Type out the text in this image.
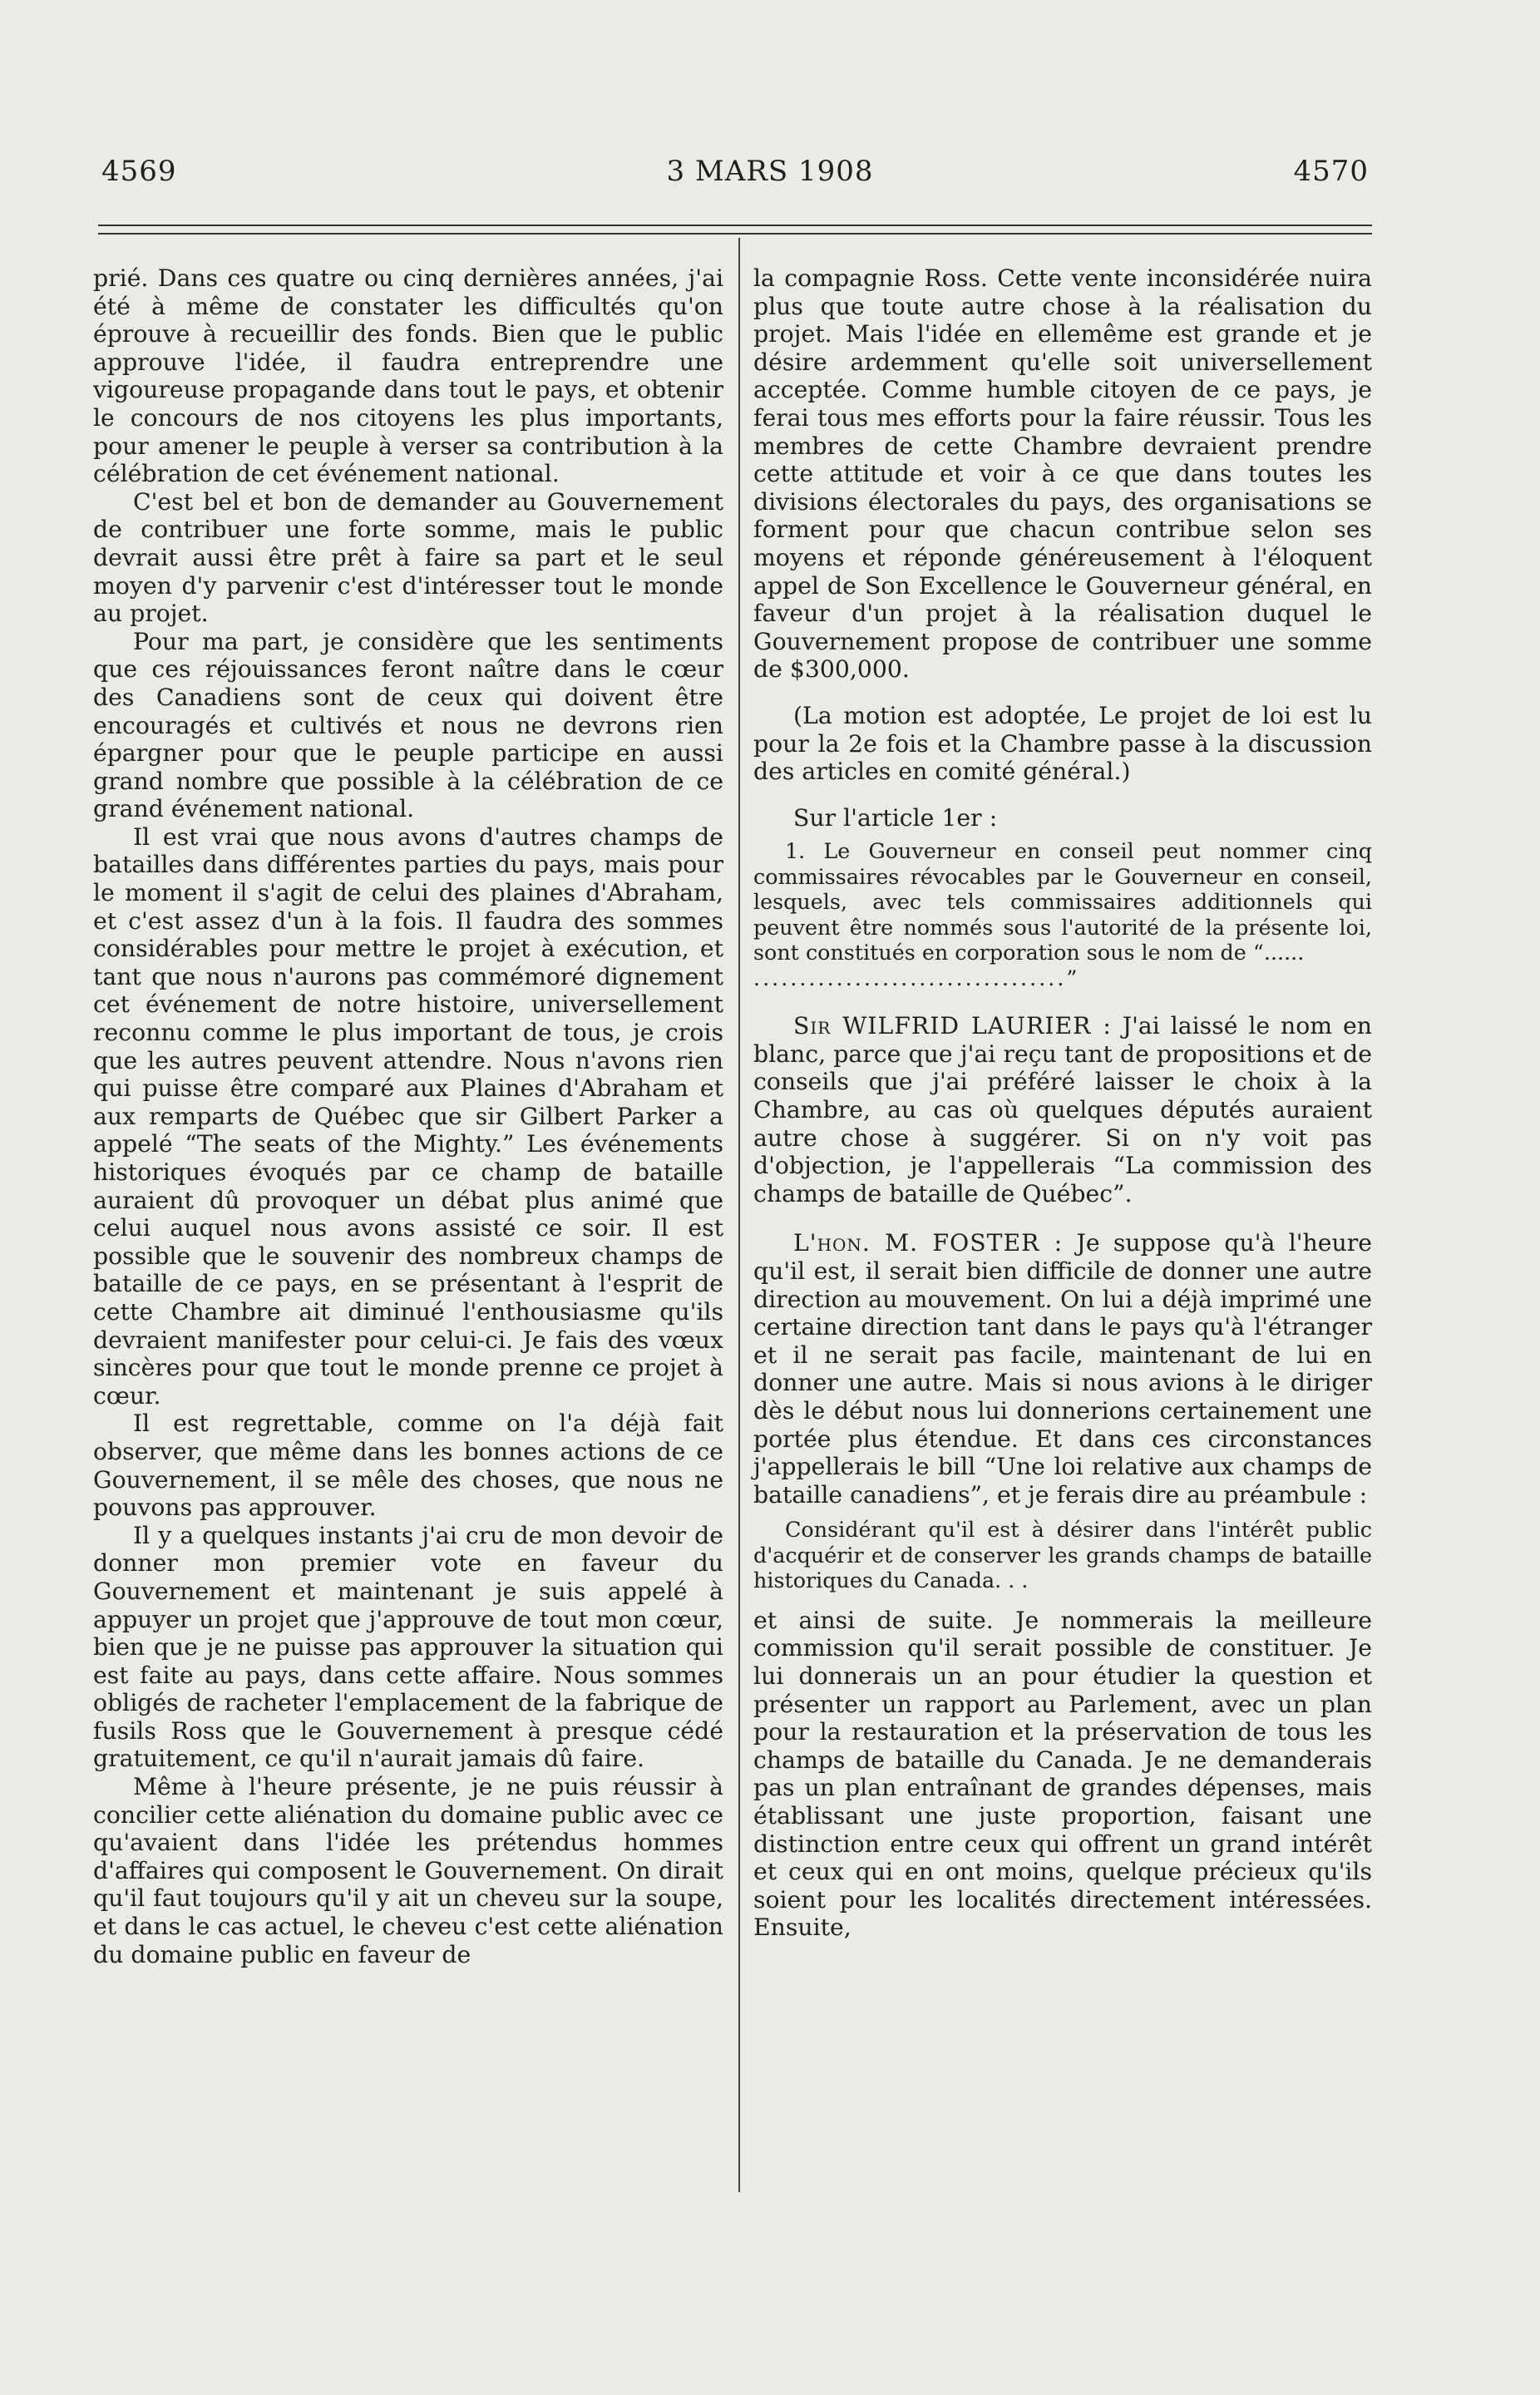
4569	3 MARS 1908	4570

prié. Dans ces quatre ou cinq dernières années, j'ai été à même de constater les difficultés qu'on éprouve à recueillir des fonds. Bien que le public approuve l'idée, il faudra entreprendre une vigoureuse propagande dans tout le pays, et obtenir le concours de nos citoyens les plus importants, pour amener le peuple à verser sa contribution à la célébration de cet événement national.

C'est bel et bon de demander au Gouvernement de contribuer une forte somme, mais le public devrait aussi être prêt à faire sa part et le seul moyen d'y parvenir c'est d'intéresser tout le monde au projet.

Pour ma part, je considère que les sentiments que ces réjouissances feront naître dans le cœur des Canadiens sont de ceux qui doivent être encouragés et cultivés et nous ne devrons rien épargner pour que le peuple participe en aussi grand nombre que possible à la célébration de ce grand événement national.

Il est vrai que nous avons d'autres champs de batailles dans différentes parties du pays, mais pour le moment il s'agit de celui des plaines d'Abraham, et c'est assez d'un à la fois. Il faudra des sommes considérables pour mettre le projet à exécution, et tant que nous n'aurons pas commémoré dignement cet événement de notre histoire, universellement reconnu comme le plus important de tous, je crois que les autres peuvent attendre. Nous n'avons rien qui puisse être comparé aux Plaines d'Abraham et aux remparts de Québec que sir Gilbert Parker a appelé “The seats of the Mighty.” Les événements historiques évoqués par ce champ de bataille auraient dû provoquer un débat plus animé que celui auquel nous avons assisté ce soir. Il est possible que le souvenir des nombreux champs de bataille de ce pays, en se présentant à l'esprit de cette Chambre ait diminué l'enthousiasme qu'ils devraient manifester pour celui-ci. Je fais des vœux sincères pour que tout le monde prenne ce projet à cœur.

Il est regrettable, comme on l'a déjà fait observer, que même dans les bonnes actions de ce Gouvernement, il se mêle des choses, que nous ne pouvons pas approuver.

Il y a quelques instants j'ai cru de mon devoir de donner mon premier vote en faveur du Gouvernement et maintenant je suis appelé à appuyer un projet que j'approuve de tout mon cœur, bien que je ne puisse pas approuver la situation qui est faite au pays, dans cette affaire. Nous sommes obligés de racheter l'emplacement de la fabrique de fusils Ross que le Gouvernement à presque cédé gratuitement, ce qu'il n'aurait jamais dû faire.

Même à l'heure présente, je ne puis réussir à concilier cette aliénation du domaine public avec ce qu'avaient dans l'idée les prétendus hommes d'affaires qui composent le Gouvernement. On dirait qu'il faut toujours qu'il y ait un cheveu sur la soupe, et dans le cas actuel, le cheveu c'est cette aliénation du domaine public en faveur de

la compagnie Ross. Cette vente inconsidérée nuira plus que toute autre chose à la réalisation du projet. Mais l'idée en ellemême est grande et je désire ardemment qu'elle soit universellement acceptée. Comme humble citoyen de ce pays, je ferai tous mes efforts pour la faire réussir. Tous les membres de cette Chambre devraient prendre cette attitude et voir à ce que dans toutes les divisions électorales du pays, des organisations se forment pour que chacun contribue selon ses moyens et réponde généreusement à l'éloquent appel de Son Excellence le Gouverneur général, en faveur d'un projet à la réalisation duquel le Gouvernement propose de contribuer une somme de $300,000.

(La motion est adoptée, Le projet de loi est lu pour la 2e fois et la Chambre passe à la discussion des articles en comité général.)

Sur l'article 1er :

1. Le Gouverneur en conseil peut nommer cinq commissaires révocables par le Gouverneur en conseil, lesquels, avec tels commissaires additionnels qui peuvent être nommés sous l'autorité de la présente loi, sont constitués en corporation sous le nom de “......

..................................”

Sir WILFRID LAURIER : J'ai laissé le nom en blanc, parce que j'ai reçu tant de propositions et de conseils que j'ai préféré laisser le choix à la Chambre, au cas où quelques députés auraient autre chose à suggérer. Si on n'y voit pas d'objection, je l'appellerais “La commission des champs de bataille de Québec”.

L'hon. M. FOSTER : Je suppose qu'à l'heure qu'il est, il serait bien difficile de donner une autre direction au mouvement. On lui a déjà imprimé une certaine direction tant dans le pays qu'à l'étranger et il ne serait pas facile, maintenant de lui en donner une autre. Mais si nous avions à le diriger dès le début nous lui donnerions certainement une portée plus étendue. Et dans ces circonstances j'appellerais le bill “Une loi relative aux champs de bataille canadiens”, et je ferais dire au préambule :

Considérant qu'il est à désirer dans l'intérêt public d'acquérir et de conserver les grands champs de bataille historiques du Canada. . .

et ainsi de suite. Je nommerais la meilleure commission qu'il serait possible de constituer. Je lui donnerais un an pour étudier la question et présenter un rapport au Parlement, avec un plan pour la restauration et la préservation de tous les champs de bataille du Canada. Je ne demanderais pas un plan entraînant de grandes dépenses, mais établissant une juste proportion, faisant une distinction entre ceux qui offrent un grand intérêt et ceux qui en ont moins, quelque précieux qu'ils soient pour les localités directement intéressées. Ensuite,
